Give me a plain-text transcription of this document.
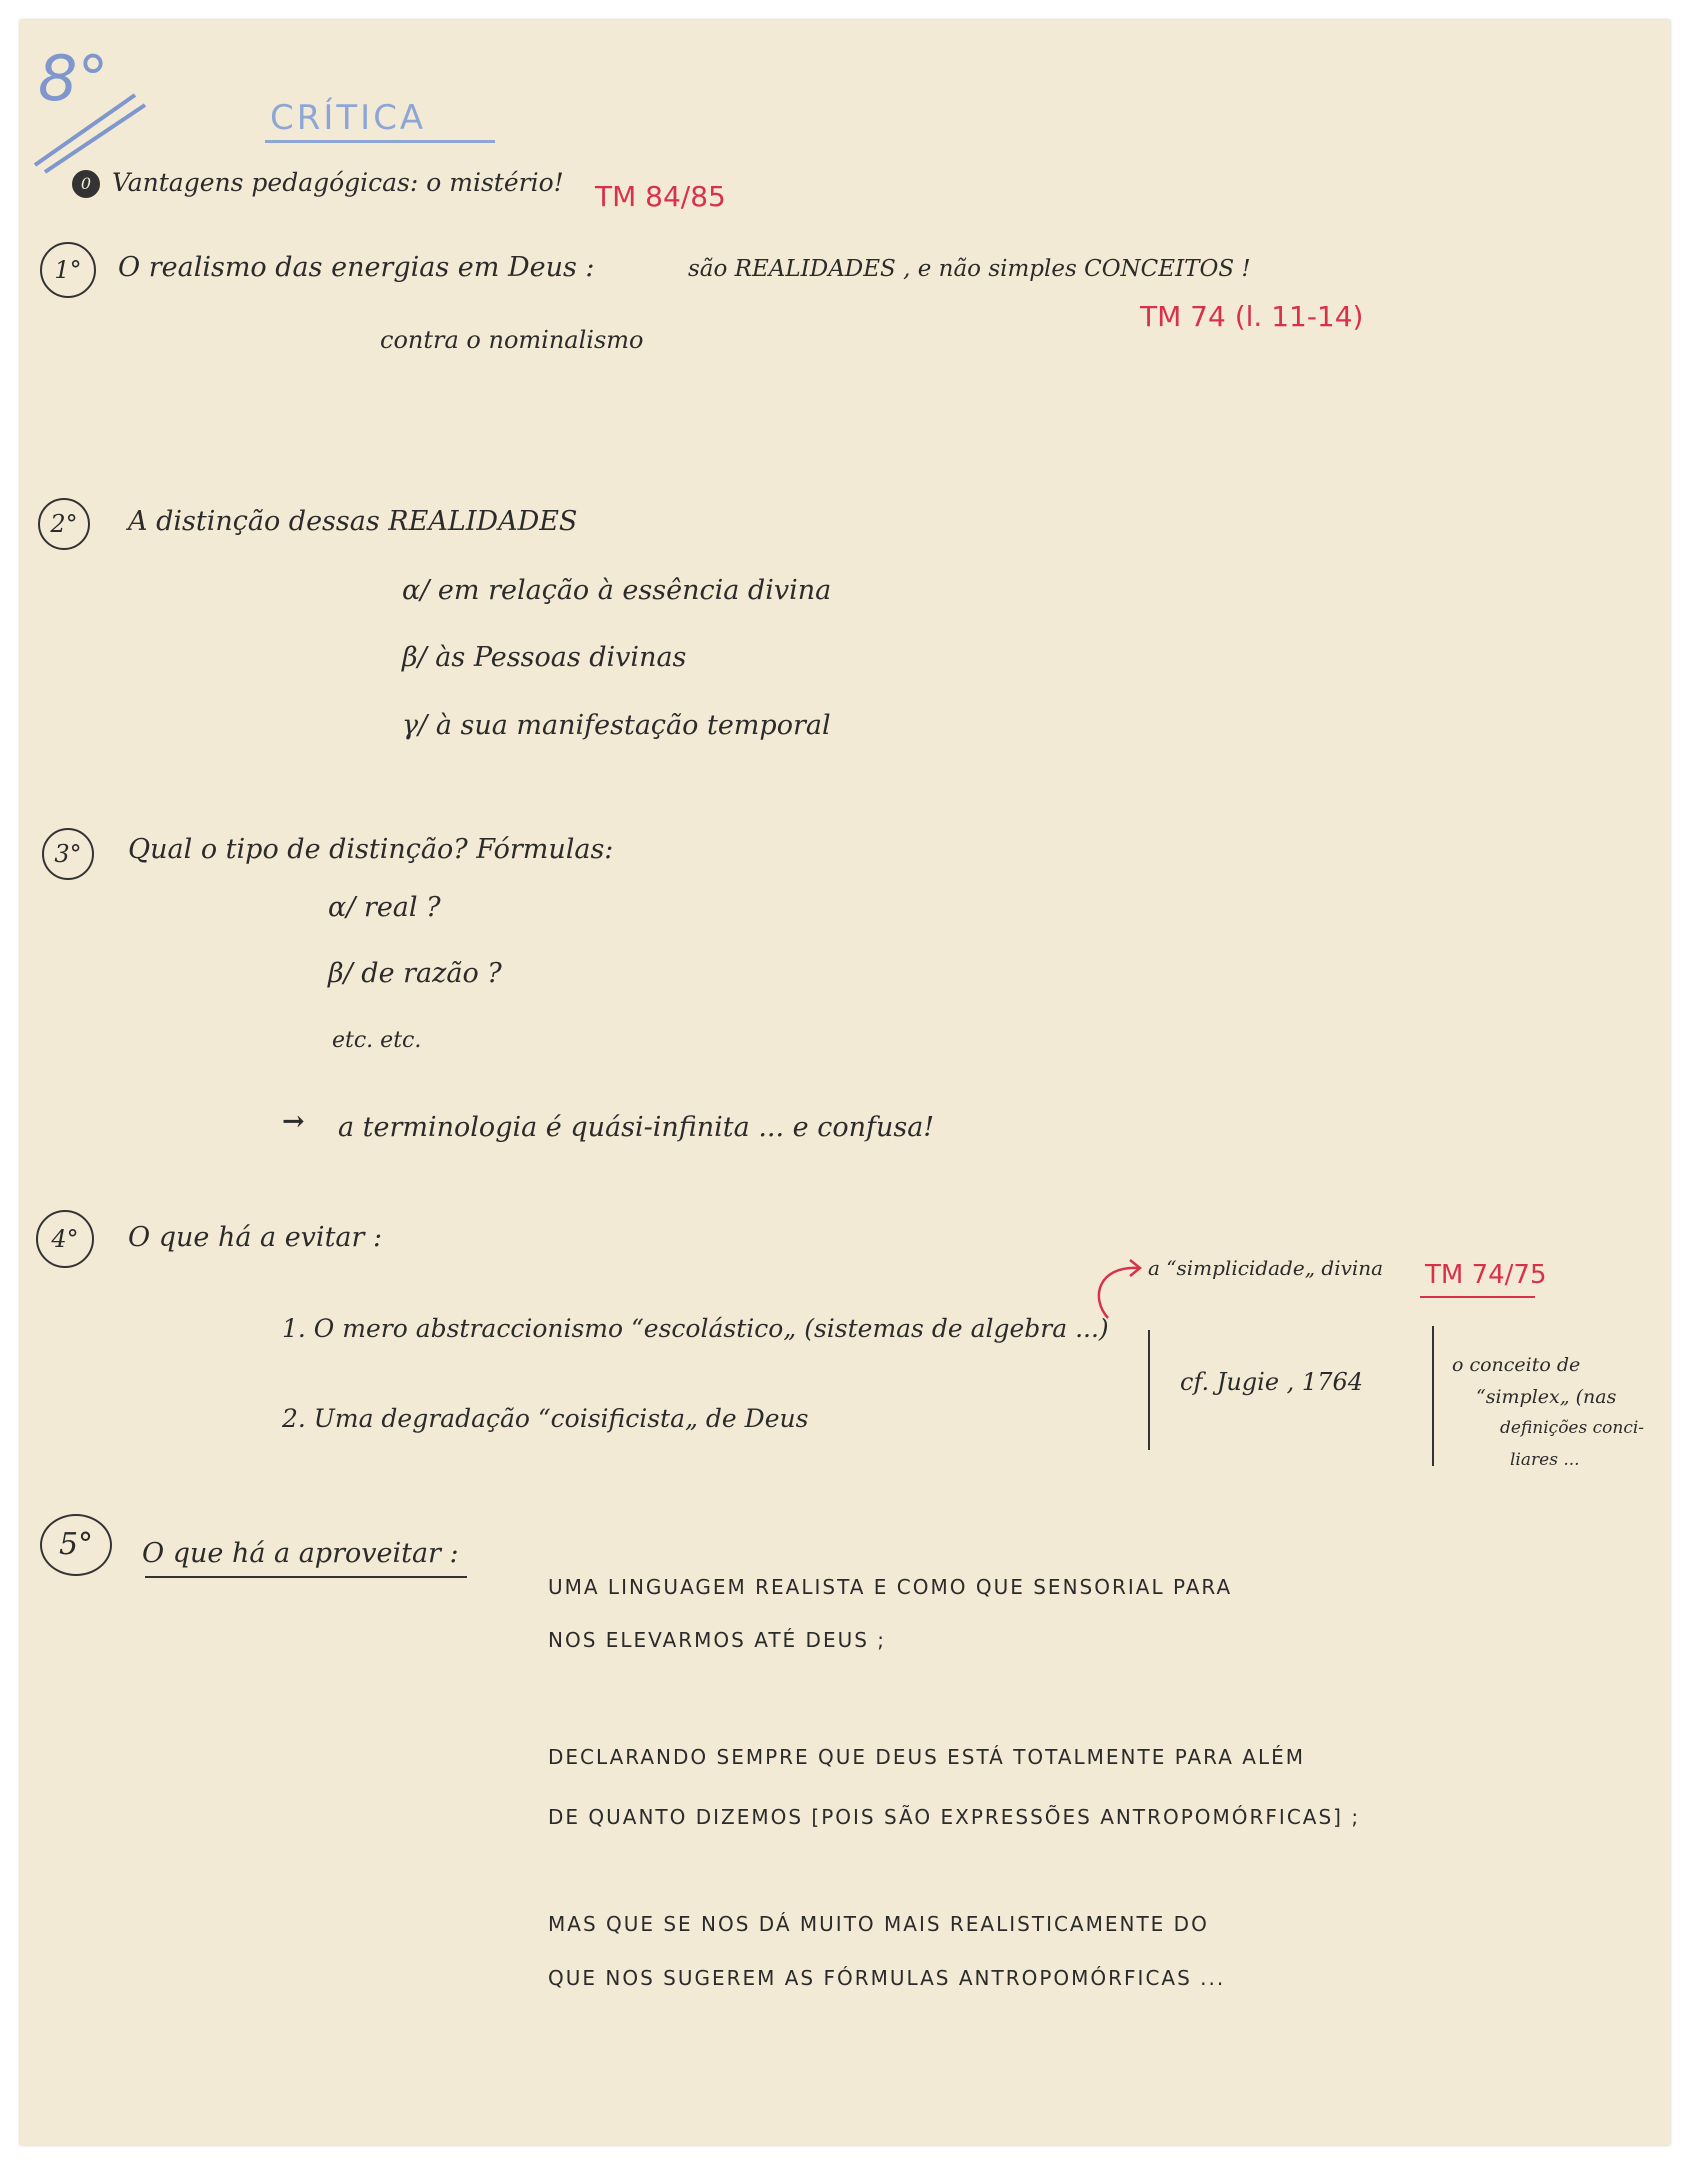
8°
CRÍTICA
0 Vantagens pedagógicas: o mistério! TM 84/85
1°	O realismo das energias em Deus :	são REALIDADES , e não simples CONCEITOS !
contra o nominalismo
TM 74 (l. 11-14)
2°	A distinção dessas REALIDADES
α/ em relação à essência divina
β/ às Pessoas divinas
γ/ à sua manifestação temporal
3°	Qual o tipo de distinção? Fórmulas:
α/ real ?
β/ de razão ?
etc. etc.
→ a terminologia é quási-infinita ... e confusa!
4°	O que há a evitar :
1. O mero abstraccionismo “escolástico„ (sistemas de algebra ...)
2. Uma degradação “coisificista„ de Deus
a “simplicidade„ divina TM 74/75
cf. Jugie , 1764
o conceito de
“simplex„ (nas
definições conci-
liares ...
5°	O que há a aproveitar :
UMA LINGUAGEM REALISTA E COMO QUE SENSORIAL PARA
NOS ELEVARMOS ATÉ DEUS ;
DECLARANDO SEMPRE QUE DEUS ESTÁ TOTALMENTE PARA ALÉM
DE QUANTO DIZEMOS [POIS SÃO EXPRESSÕES ANTROPOMÓRFICAS] ;
MAS QUE SE NOS DÁ MUITO MAIS REALISTICAMENTE DO
QUE NOS SUGEREM AS FÓRMULAS ANTROPOMÓRFICAS ...
